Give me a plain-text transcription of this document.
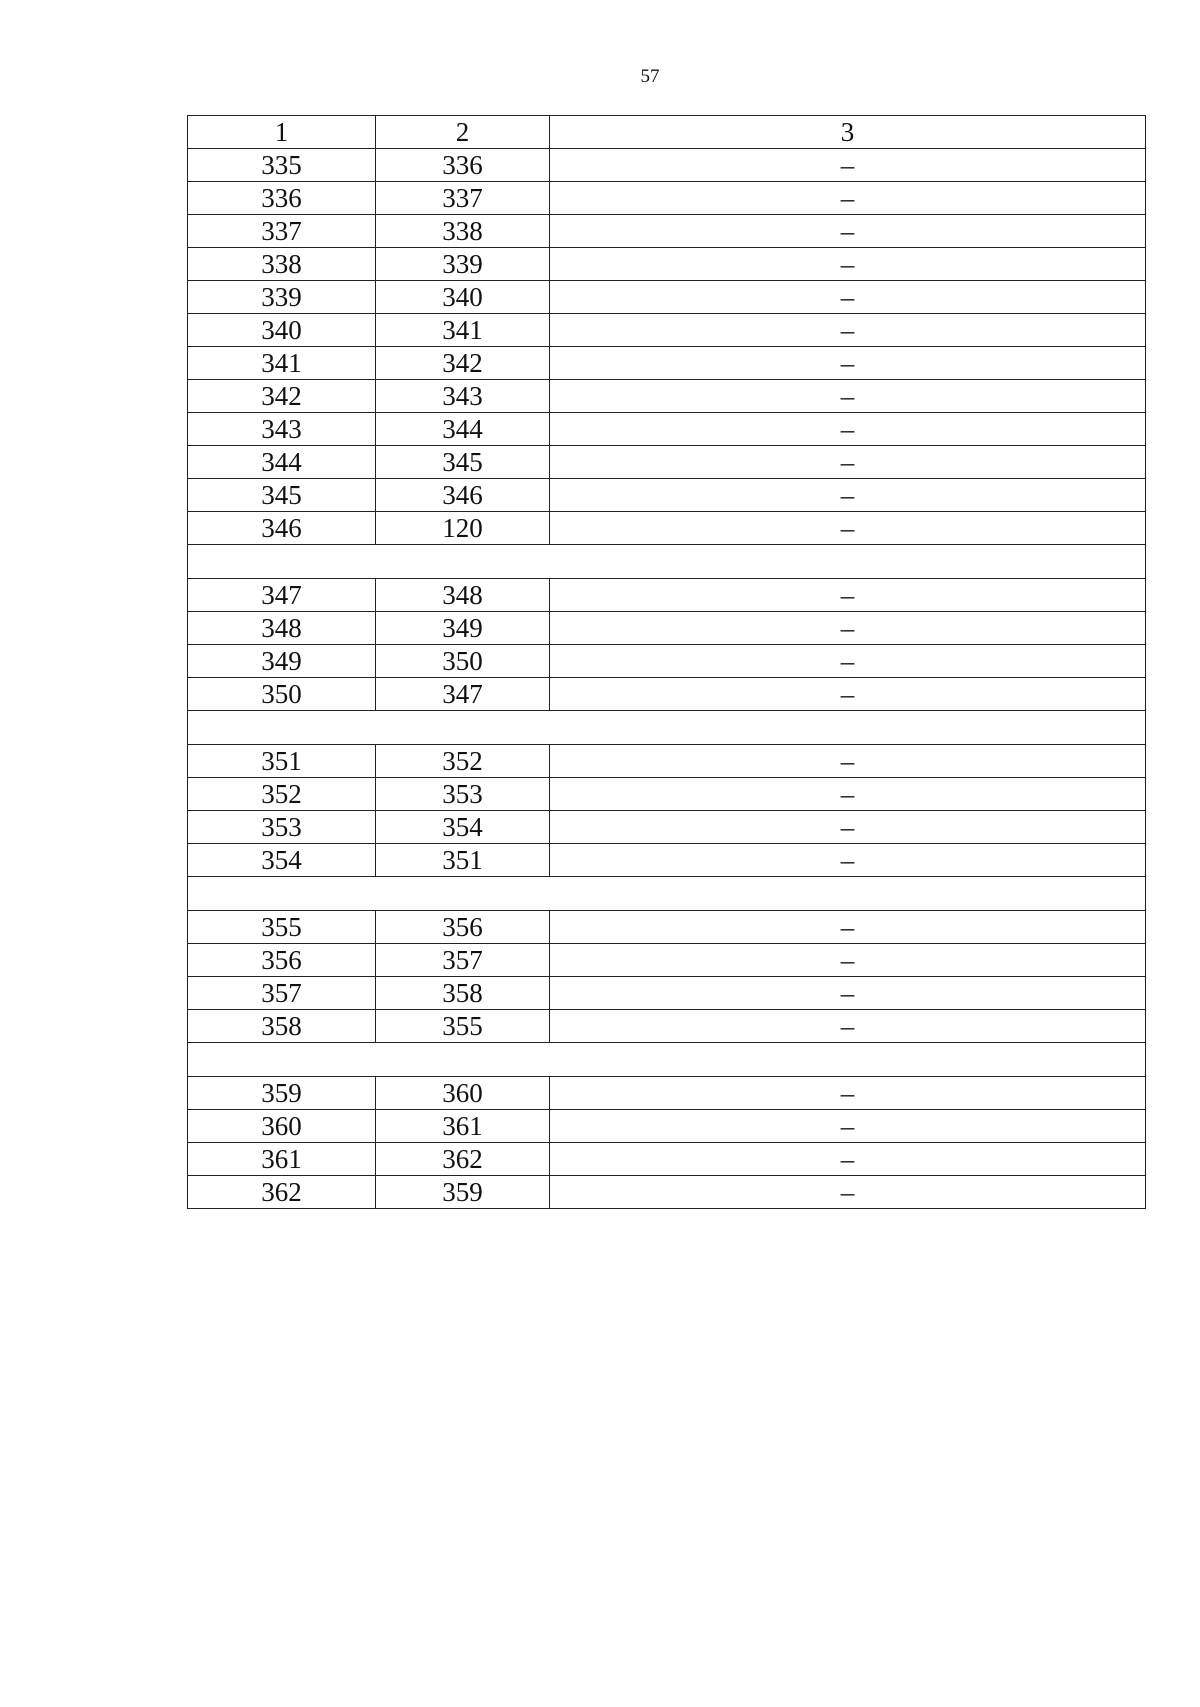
57
1	2	3
335	336	–
336	337	–
337	338	–
338	339	–
339	340	–
340	341	–
341	342	–
342	343	–
343	344	–
344	345	–
345	346	–
346	120	–

347	348	–
348	349	–
349	350	–
350	347	–

351	352	–
352	353	–
353	354	–
354	351	–

355	356	–
356	357	–
357	358	–
358	355	–

359	360	–
360	361	–
361	362	–
362	359	–
